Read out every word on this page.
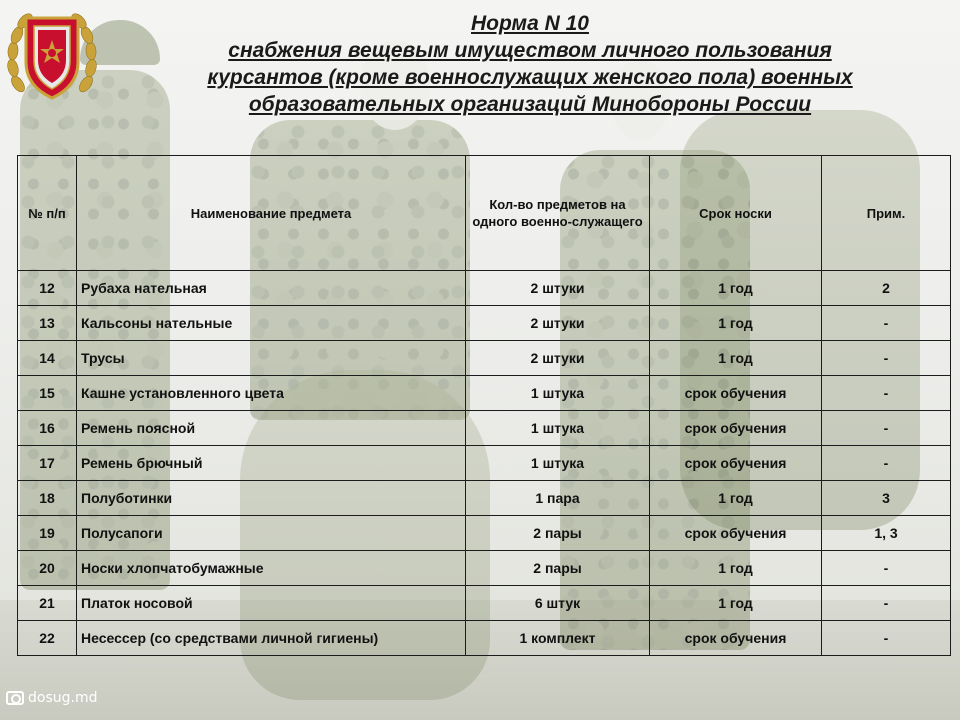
Норма N 10
снабжения вещевым имуществом личного пользования
курсантов (кроме военнослужащих женского пола) военных
образовательных организаций Минобороны России
№ п/п	Наименование предмета	Кол-во предметов на одного военно-служащего	Срок носки	Прим.
12	Рубаха нательная	2 штуки	1 год	2
13	Кальсоны нательные	2 штуки	1 год	-
14	Трусы	2 штуки	1 год	-
15	Кашне установленного цвета	1 штука	срок обучения	-
16	Ремень поясной	1 штука	срок обучения	-
17	Ремень брючный	1 штука	срок обучения	-
18	Полуботинки	1 пара	1 год	3
19	Полусапоги	2 пары	срок обучения	1, 3
20	Носки хлопчатобумажные	2 пары	1 год	-
21	Платок носовой	6 штук	1 год	-
22	Несессер (со средствами личной гигиены)	1 комплект	срок обучения	-
dosug.md
